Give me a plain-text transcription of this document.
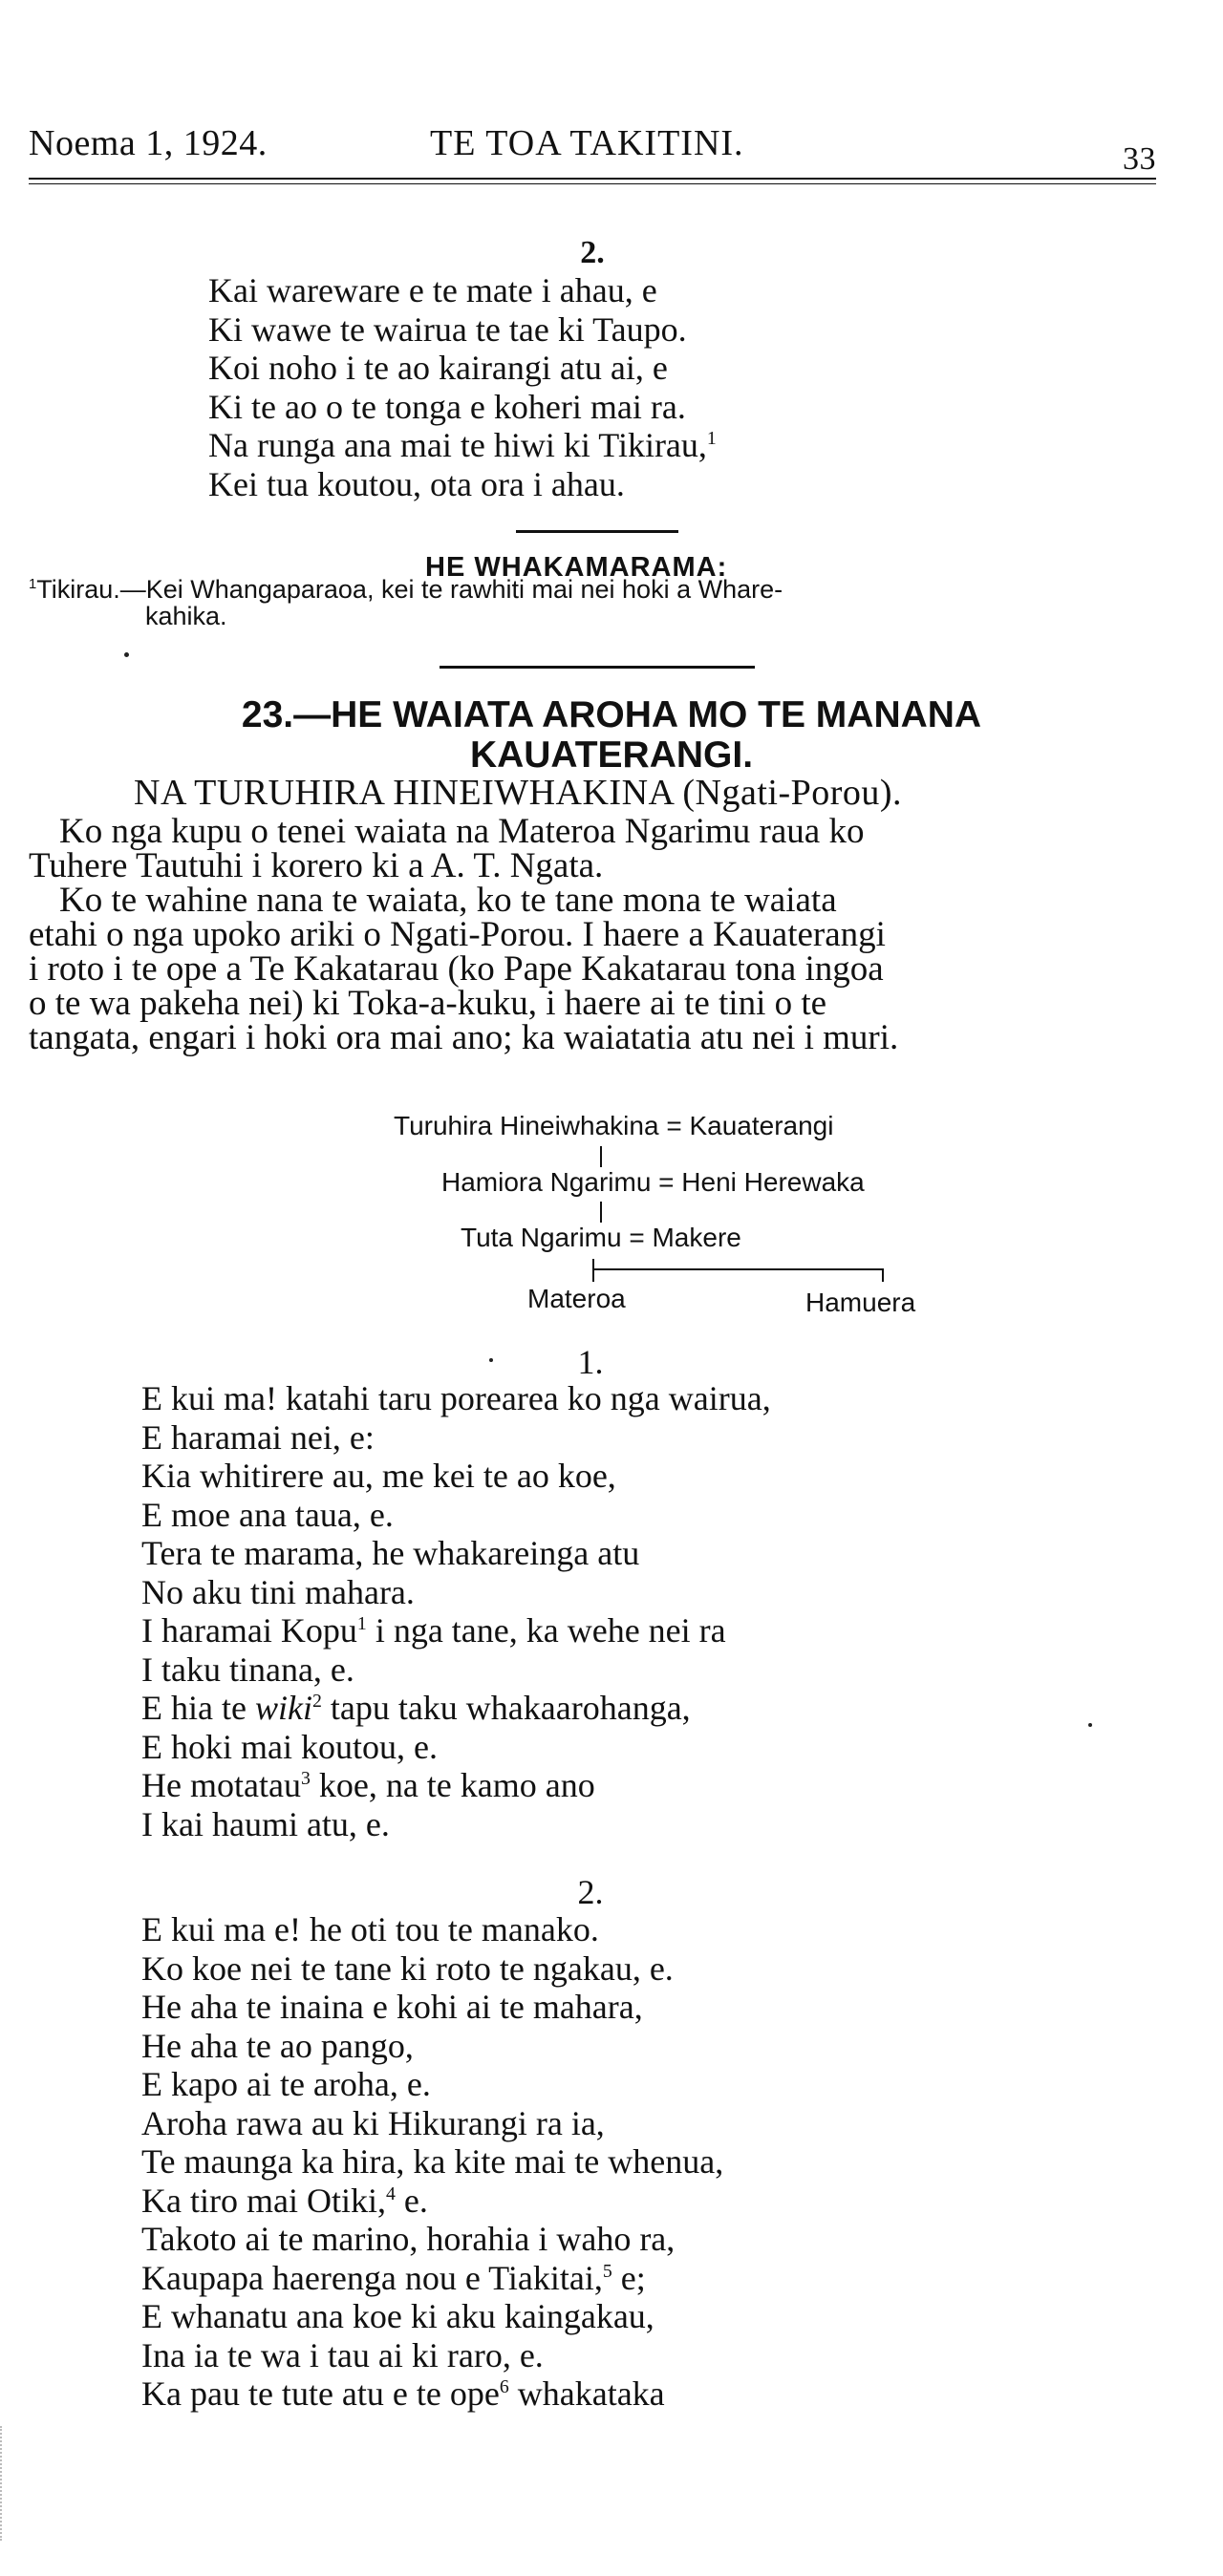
Noema 1, 1924.	TE TOA TAKITINI.	33
2.
Kai wareware e te mate i ahau, e
Ki wawe te wairua te tae ki Taupo.
Koi noho i te ao kairangi atu ai, e
Ki te ao o te tonga e koheri mai ra.
Na runga ana mai te hiwi ki Tikirau,$^1$
Kei tua koutou, ota ora i ahau.
HE WHAKAMARAMA:
$^1$Tikirau.—Kei Whangaparaoa, kei te rawhiti mai nei hoki a Whare-
kahika.
23.—HE WAIATA AROHA MO TE MANANA
KAUATERANGI.
NA TURUHIRA HINEIWHAKINA (Ngati-Porou).

Ko nga kupu o tenei waiata na Materoa Ngarimu raua ko
Tuhere Tautuhi i korero ki a A. T. Ngata.

Ko te wahine nana te waiata, ko te tane mona te waiata
etahi o nga upoko ariki o Ngati-Porou. I haere a Kauaterangi
i roto i te ope a Te Kakatarau (ko Pape Kakatarau tona ingoa
o te wa pakeha nei) ki Toka-a-kuku, i haere ai te tini o te
tangata, engari i hoki ora mai ano; ka waiatatia atu nei i muri.

Turuhira Hineiwhakina = Kauaterangi
Hamiora Ngarimu = Heni Herewaka
Tuta Ngarimu = Makere
Materoa	Hamuera
1.
E kui ma! katahi taru porearea ko nga wairua,
E haramai nei, e:
Kia whitirere au, me kei te ao koe,
E moe ana taua, e.
Tera te marama, he whakareinga atu
No aku tini mahara.
I haramai Kopu$^1$ i nga tane, ka wehe nei ra
I taku tinana, e.
E hia te wiki$^2$ tapu taku whakaarohanga,
E hoki mai koutou, e.
He motatau$^3$ koe, na te kamo ano
I kai haumi atu, e.
2.
E kui ma e! he oti tou te manako.
Ko koe nei te tane ki roto te ngakau, e.
He aha te inaina e kohi ai te mahara,
He aha te ao pango,
E kapo ai te aroha, e.
Aroha rawa au ki Hikurangi ra ia,
Te maunga ka hira, ka kite mai te whenua,
Ka tiro mai Otiki,$^4$ e.
Takoto ai te marino, horahia i waho ra,
Kaupapa haerenga nou e Tiakitai,$^5$ e;
E whanatu ana koe ki aku kaingakau,
Ina ia te wa i tau ai ki raro, e.
Ka pau te tute atu e te ope$^6$ whakataka
